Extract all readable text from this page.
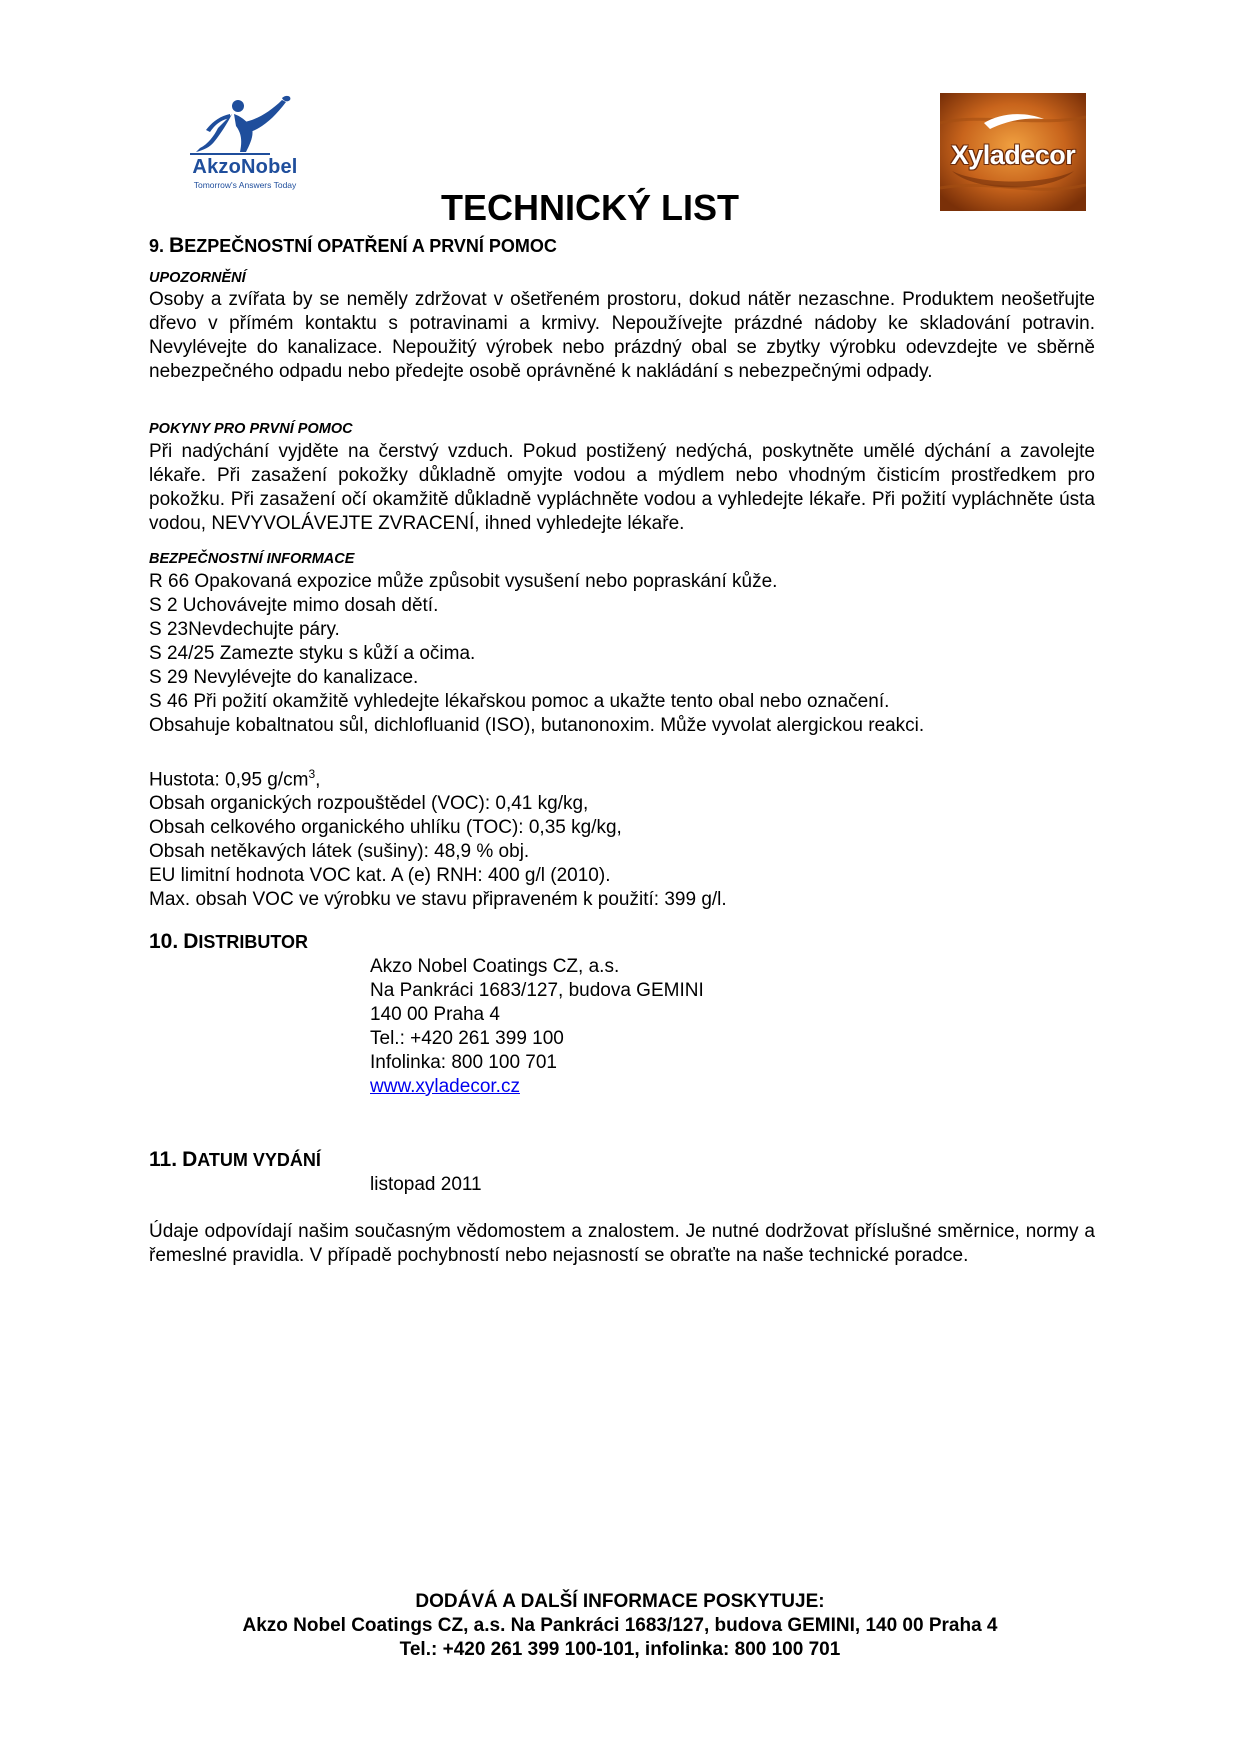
AkzoNobel
Tomorrow's Answers Today
Xyladecor
TECHNICKÝ LIST
9. BEZPEČNOSTNÍ OPATŘENÍ A PRVNÍ POMOC
UPOZORNĚNÍ
Osoby a zvířata by se neměly zdržovat v ošetřeném prostoru, dokud nátěr nezaschne. Produktem neošetřujte dřevo v přímém kontaktu s potravinami a krmivy. Nepoužívejte prázdné nádoby ke skladování potravin. Nevylévejte do kanalizace. Nepoužitý výrobek nebo prázdný obal se zbytky výrobku odevzdejte ve sběrně nebezpečného odpadu nebo předejte osobě oprávněné k nakládání s nebezpečnými odpady.
POKYNY PRO PRVNÍ POMOC
Při nadýchání vyjděte na čerstvý vzduch. Pokud postižený nedýchá, poskytněte umělé dýchání a zavolejte lékaře. Při zasažení pokožky důkladně omyjte vodou a mýdlem nebo vhodným čisticím prostředkem pro pokožku. Při zasažení očí okamžitě důkladně vypláchněte vodou a vyhledejte lékaře. Při požití vypláchněte ústa vodou, NEVYVOLÁVEJTE ZVRACENÍ, ihned vyhledejte lékaře.
BEZPEČNOSTNÍ INFORMACE
R 66 Opakovaná expozice může způsobit vysušení nebo popraskání kůže.
S 2 Uchovávejte mimo dosah dětí.
S 23Nevdechujte páry.
S 24/25 Zamezte styku s kůží a očima.
S 29 Nevylévejte do kanalizace.
S 46 Při požití okamžitě vyhledejte lékařskou pomoc a ukažte tento obal nebo označení.
Obsahuje kobaltnatou sůl, dichlofluanid (ISO), butanonoxim. Může vyvolat alergickou reakci.
Hustota: 0,95 $g/cm^3$,
Obsah organických rozpouštědel (VOC): 0,41 kg/kg,
Obsah celkového organického uhlíku (TOC): 0,35 kg/kg,
Obsah netěkavých látek (sušiny): 48,9 % obj.
EU limitní hodnota VOC kat. A (e) RNH: 400 g/l (2010).
Max. obsah VOC ve výrobku ve stavu připraveném k použití: 399 g/l.
10. DISTRIBUTOR
Akzo Nobel Coatings CZ, a.s.
Na Pankráci 1683/127, budova GEMINI
140 00 Praha 4
Tel.: +420 261 399 100
Infolinka: 800 100 701
www.xyladecor.cz
11. DATUM VYDÁNÍ
listopad 2011
Údaje odpovídají našim současným vědomostem a znalostem. Je nutné dodržovat příslušné směrnice, normy a řemeslné pravidla. V případě pochybností nebo nejasností se obraťte na naše technické poradce.
DODÁVÁ A DALŠÍ INFORMACE POSKYTUJE:
Akzo Nobel Coatings CZ, a.s. Na Pankráci 1683/127, budova GEMINI, 140 00 Praha 4
Tel.: +420 261 399 100-101, infolinka: 800 100 701
